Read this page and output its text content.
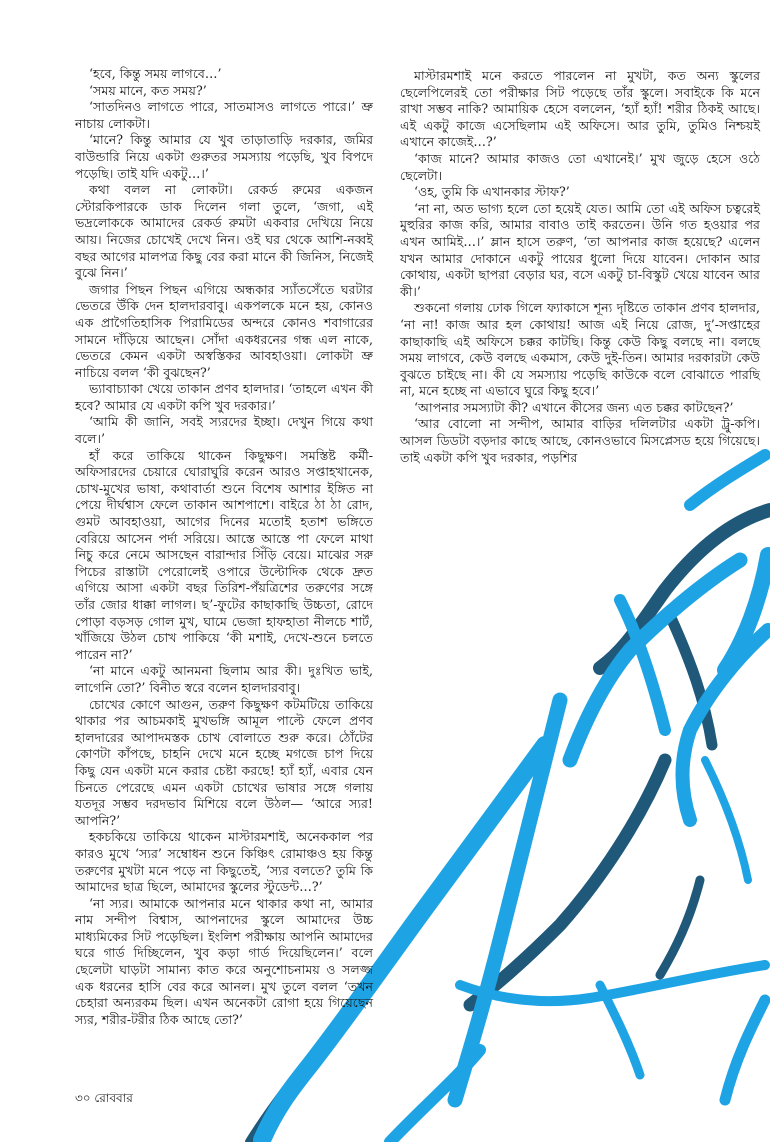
‘হবে, কিন্তু সময় লাগবে…’

‘সময় মানে, কত সময়?’

‘সাতদিনও লাগতে পারে, সাতমাসও লাগতে পারে।’ ভ্রু নাচায় লোকটা।

‘মানে? কিন্তু আমার যে খুব তাড়াতাড়ি দরকার, জমির বাউন্ডারি নিয়ে একটা গুরুতর সমস্যায় পড়েছি, খুব বিপদে পড়েছি। তাই যদি একটু…।’

কথা বলল না লোকটা। রেকর্ড রুমের একজন স্টোরকিপারকে ডাক দিলেন গলা তুলে, ‘জগা, এই ভদ্রলোককে আমাদের রেকর্ড রুমটা একবার দেখিয়ে নিয়ে আয়। নিজের চোখেই দেখে নিন। ওই ঘর থেকে আশি-নব্বই বছর আগের মালপত্র কিছু বের করা মানে কী জিনিস, নিজেই বুঝে নিন।’

জগার পিছন পিছন এগিয়ে অন্ধকার স্যাঁতসেঁতে ঘরটার ভেতরে উঁকি দেন হালদারবাবু। একপলকে মনে হয়, কোনও এক প্রাগৈতিহাসিক পিরামিডের অন্দরে কোনও শবাগারের সামনে দাঁড়িয়ে আছেন। সোঁদা একধরনের গন্ধ এল নাকে, ভেতরে কেমন একটা অস্বস্তিকর আবহাওয়া। লোকটা ভ্রু নাচিয়ে বলল ‘কী বুঝছেন?’

ভ্যাবাচ্যাকা খেয়ে তাকান প্রণব হালদার। ‘তাহলে এখন কী হবে? আমার যে একটা কপি খুব দরকার।’

‘আমি কী জানি, সবই স্যরদের ইচ্ছা। দেখুন গিয়ে কথা বলে।’

হাঁ করে তাকিয়ে থাকেন কিছুক্ষণ। সমস্তিষ্ট কর্মী-অফিসারদের চেয়ারে ঘোরাঘুরি করেন আরও সপ্তাহখানেক, চোখ-মুখের ভাষা, কথাবার্তা শুনে বিশেষ আশার ইঙ্গিত না পেয়ে দীর্ঘশ্বাস ফেলে তাকান আশপাশে। বাইরে ঠা ঠা রোদ, গুমট আবহাওয়া, আগের দিনের মতোই হতাশ ভঙ্গিতে বেরিয়ে আসেন পর্দা সরিয়ে। আস্তে আস্তে পা ফেলে মাথা নিচু করে নেমে আসছেন বারান্দার সিঁড়ি বেয়ে। মাঝের সরু পিচের রাস্তাটা পেরোলেই ওপারে উল্টোদিক থেকে দ্রুত এগিয়ে আসা একটা বছর তিরিশ-পঁয়ত্রিশের তরুণের সঙ্গে তাঁর জোর ধাক্কা লাগল। ছ’-ফুটের কাছাকাছি উচ্চতা, রোদে পোড়া বড়সড় গোল মুখ, ঘামে ভেজা হাফহাতা নীলচে শার্ট, খাঁজিয়ে উঠল চোখ পাকিয়ে ‘কী মশাই, দেখে-শুনে চলতে পারেন না?’

‘না মানে একটু আনমনা ছিলাম আর কী। দুঃখিত ভাই, লাগেনি তো?’ বিনীত স্বরে বলেন হালদারবাবু।

চোখের কোণে আগুন, তরুণ কিছুক্ষণ কটমটিয়ে তাকিয়ে থাকার পর আচমকাই মুখভঙ্গি আমূল পাল্টে ফেলে প্রণব হালদারের আপাদমস্তক চোখ বোলাতে শুরু করে। ঠোঁটের কোণটা কাঁপছে, চাহনি দেখে মনে হচ্ছে মগজে চাপ দিয়ে কিছু যেন একটা মনে করার চেষ্টা করছে! হ্যাঁ হ্যাঁ, এবার যেন চিনতে পেরেছে এমন একটা চোখের ভাষার সঙ্গে গলায় যতদূর সম্ভব দরদভাব মিশিয়ে বলে উঠল— ‘আরে স্যর! আপনি?’

হকচকিয়ে তাকিয়ে থাকেন মাস্টারমশাই, অনেককাল পর কারও মুখে ‘স্যর’ সম্বোধন শুনে কিঞ্চিৎ রোমাঞ্চও হয় কিন্তু তরুণের মুখটা মনে পড়ে না কিছুতেই, ‘স্যর বলতে? তুমি কি আমাদের ছাত্র ছিলে, আমাদের স্কুলের স্টুডেন্ট…?’

‘না স্যর। আমাকে আপনার মনে থাকার কথা না, আমার নাম সন্দীপ বিশ্বাস, আপনাদের স্কুলে আমাদের উচ্চ মাধ্যমিকের সিট পড়েছিল। ইংলিশ পরীক্ষায় আপনি আমাদের ঘরে গার্ড দিচ্ছিলেন, খুব কড়া গার্ড দিয়েছিলেন।’ বলে ছেলেটা ঘাড়টা সামান্য কাত করে অনুশোচনাময় ও সলজ্জ এক ধরনের হাসি বের করে আনল। মুখ তুলে বলল ‘তখন চেহারা অন্যরকম ছিল। এখন অনেকটা রোগা হয়ে গিয়েছেন স্যর, শরীর-টরীর ঠিক আছে তো?’

মাস্টারমশাই মনে করতে পারলেন না মুখটা, কত অন্য স্কুলের ছেলেপিলেরই তো পরীক্ষার সিট পড়েছে তাঁর স্কুলে। সবাইকে কি মনে রাখা সম্ভব নাকি? আমায়িক হেসে বললেন, ‘হ্যাঁ হ্যাঁ! শরীর ঠিকই আছে। এই একটু কাজে এসেছিলাম এই অফিসে। আর তুমি, তুমিও নিশ্চয়ই এখানে কাজেই…?’

‘কাজ মানে? আমার কাজও তো এখানেই।’ মুখ জুড়ে হেসে ওঠে ছেলেটা।

‘ওহ, তুমি কি এখানকার স্টাফ?’

‘না না, অত ভাগ্য হলে তো হয়েই যেত। আমি তো এই অফিস চত্বরেই মুহুরির কাজ করি, আমার বাবাও তাই করতেন। উনি গত হওয়ার পর এখন আমিই…।’ ম্লান হাসে তরুণ, ‘তা আপনার কাজ হয়েছে? এলেন যখন আমার দোকানে একটু পায়ের ধুলো দিয়ে যাবেন। দোকান আর কোথায়, একটা ছাপরা বেড়ার ঘর, বসে একটু চা-বিস্কুট খেয়ে যাবেন আর কী।’

শুকনো গলায় ঢোক গিলে ফ্যাকাসে শূন্য দৃষ্টিতে তাকান প্রণব হালদার, ‘না না! কাজ আর হল কোথায়! আজ এই নিয়ে রোজ, দু’-সপ্তাহের কাছাকাছি এই অফিসে চক্কর কাটছি। কিন্তু কেউ কিছু বলছে না। বলছে সময় লাগবে, কেউ বলছে একমাস, কেউ দুই-তিন। আমার দরকারটা কেউ বুঝতে চাইছে না। কী যে সমস্যায় পড়েছি কাউকে বলে বোঝাতে পারছি না, মনে হচ্ছে না এভাবে ঘুরে কিছু হবে।’

‘আপনার সমস্যাটা কী? এখানে কীসের জন্য এত চক্কর কাটছেন?’

‘আর বোলো না সন্দীপ, আমার বাড়ির দলিলটার একটা ট্রু-কপি। আসল ডিডটা বড়দার কাছে আছে, কোনওভাবে মিসপ্লেসড হয়ে গিয়েছে। তাই একটা কপি খুব দরকার, পড়শির

৩০ রোববার
